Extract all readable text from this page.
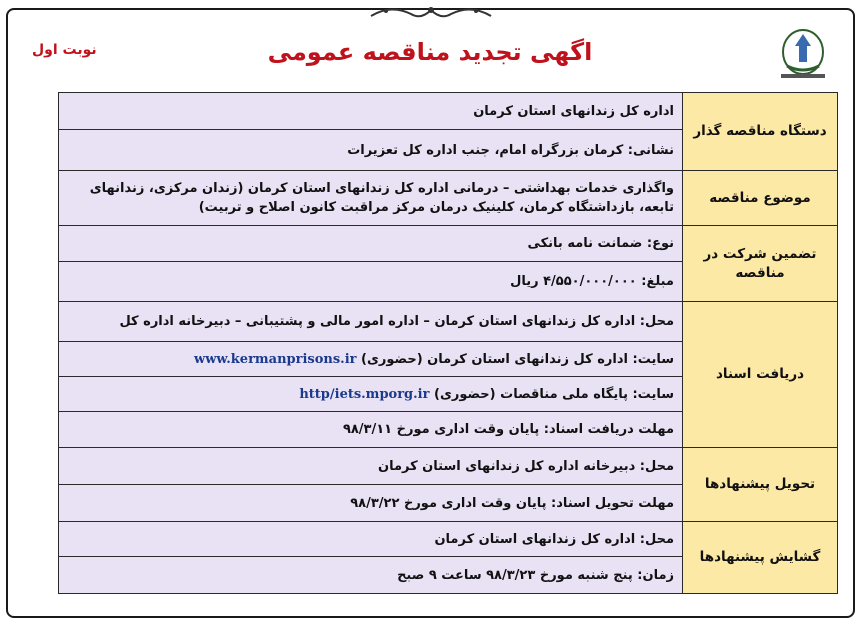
نوبت اول	اگهی تجدید مناقصه عمومی
دستگاه مناقصه گذار	اداره کل زندانهای استان کرمان
	نشانی: کرمان بزرگراه امام، جنب اداره کل تعزیرات
موضوع مناقصه	واگذاری خدمات بهداشتی – درمانی اداره کل زندانهای استان کرمان (زندان مرکزی، زندانهای تابعه، بازداشتگاه کرمان، کلینیک درمان مرکز مراقبت کانون اصلاح و تربیت)
تضمین شرکت در مناقصه	نوع: ضمانت نامه بانکی
	مبلغ: ۴/۵۵۰/۰۰۰/۰۰۰ ریال
دریافت اسناد	محل: اداره کل زندانهای استان کرمان – اداره امور مالی و پشتیبانی – دبیرخانه اداره کل
	سایت: اداره کل زندانهای استان کرمان (حضوری) www.kermanprisons.ir
	سایت: پایگاه ملی مناقصات (حضوری) http/iets.mporg.ir
	مهلت دریافت اسناد: پایان وقت اداری مورخ ۹۸/۳/۱۱
تحویل پیشنهادها	محل: دبیرخانه اداره کل زندانهای استان کرمان
	مهلت تحویل اسناد: پایان وقت اداری مورخ ۹۸/۳/۲۲
گشایش پیشنهادها	محل: اداره کل زندانهای استان کرمان
	زمان: پنج شنبه مورخ ۹۸/۳/۲۳ ساعت ۹ صبح
